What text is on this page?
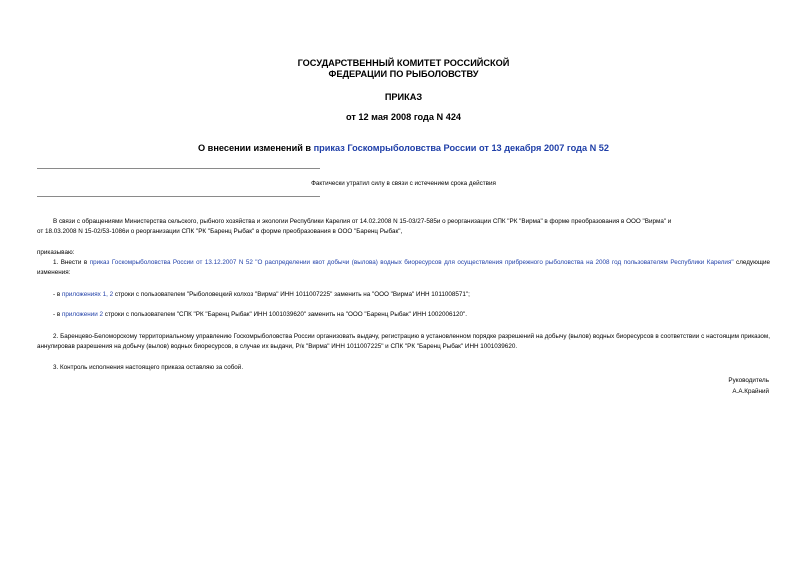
ГОСУДАРСТВЕННЫЙ КОМИТЕТ РОССИЙСКОЙ
ФЕДЕРАЦИИ ПО РЫБОЛОВСТВУ
ПРИКАЗ
от 12 мая 2008 года N 424
О внесении изменений в приказ Госкомрыболовства России от 13 декабря 2007 года N 52
Фактически утратил силу в связи с истечением срока действия
В связи с обращениями Министерства сельского, рыбного хозяйства и экологии Республики Карелия от 14.02.2008 N 15-03/27-585и о реорганизации СПК "РК "Вирма" в форме преобразования в ООО "Вирма" и
от 18.03.2008 N 15-02/53-1086и о реорганизации СПК "РК "Баренц Рыбак" в форме преобразования в ООО "Баренц Рыбак",
приказываю:
1. Внести в приказ Госкомрыболовства России от 13.12.2007 N 52 "О распределении квот добычи (вылова) водных биоресурсов для осуществления прибрежного рыболовства на 2008 год пользователям Республики Карелия" следующие изменения:
- в приложениях 1, 2 строки с пользователем "Рыболовецкий колхоз "Вирма" ИНН 1011007225" заменить на "ООО "Вирма" ИНН 1011008571";
- в приложении 2 строки с пользователем "СПК "РК "Баренц Рыбак" ИНН 1001039620" заменить на "ООО "Баренц Рыбак" ИНН 1002006120".
2. Баренцево-Беломорскому территориальному управлению Госкомрыболовства России организовать выдачу, регистрацию в установленном порядке разрешений на добычу (вылов) водных биоресурсов в соответствии с настоящим приказом, аннулировав разрешения на добычу (вылов) водных биоресурсов, в случае их выдачи, Р/к "Вирма" ИНН 1011007225" и СПК "РК "Баренц Рыбак" ИНН 1001039620.
3. Контроль исполнения настоящего приказа оставляю за собой.
Руководитель
А.А.Крайний
